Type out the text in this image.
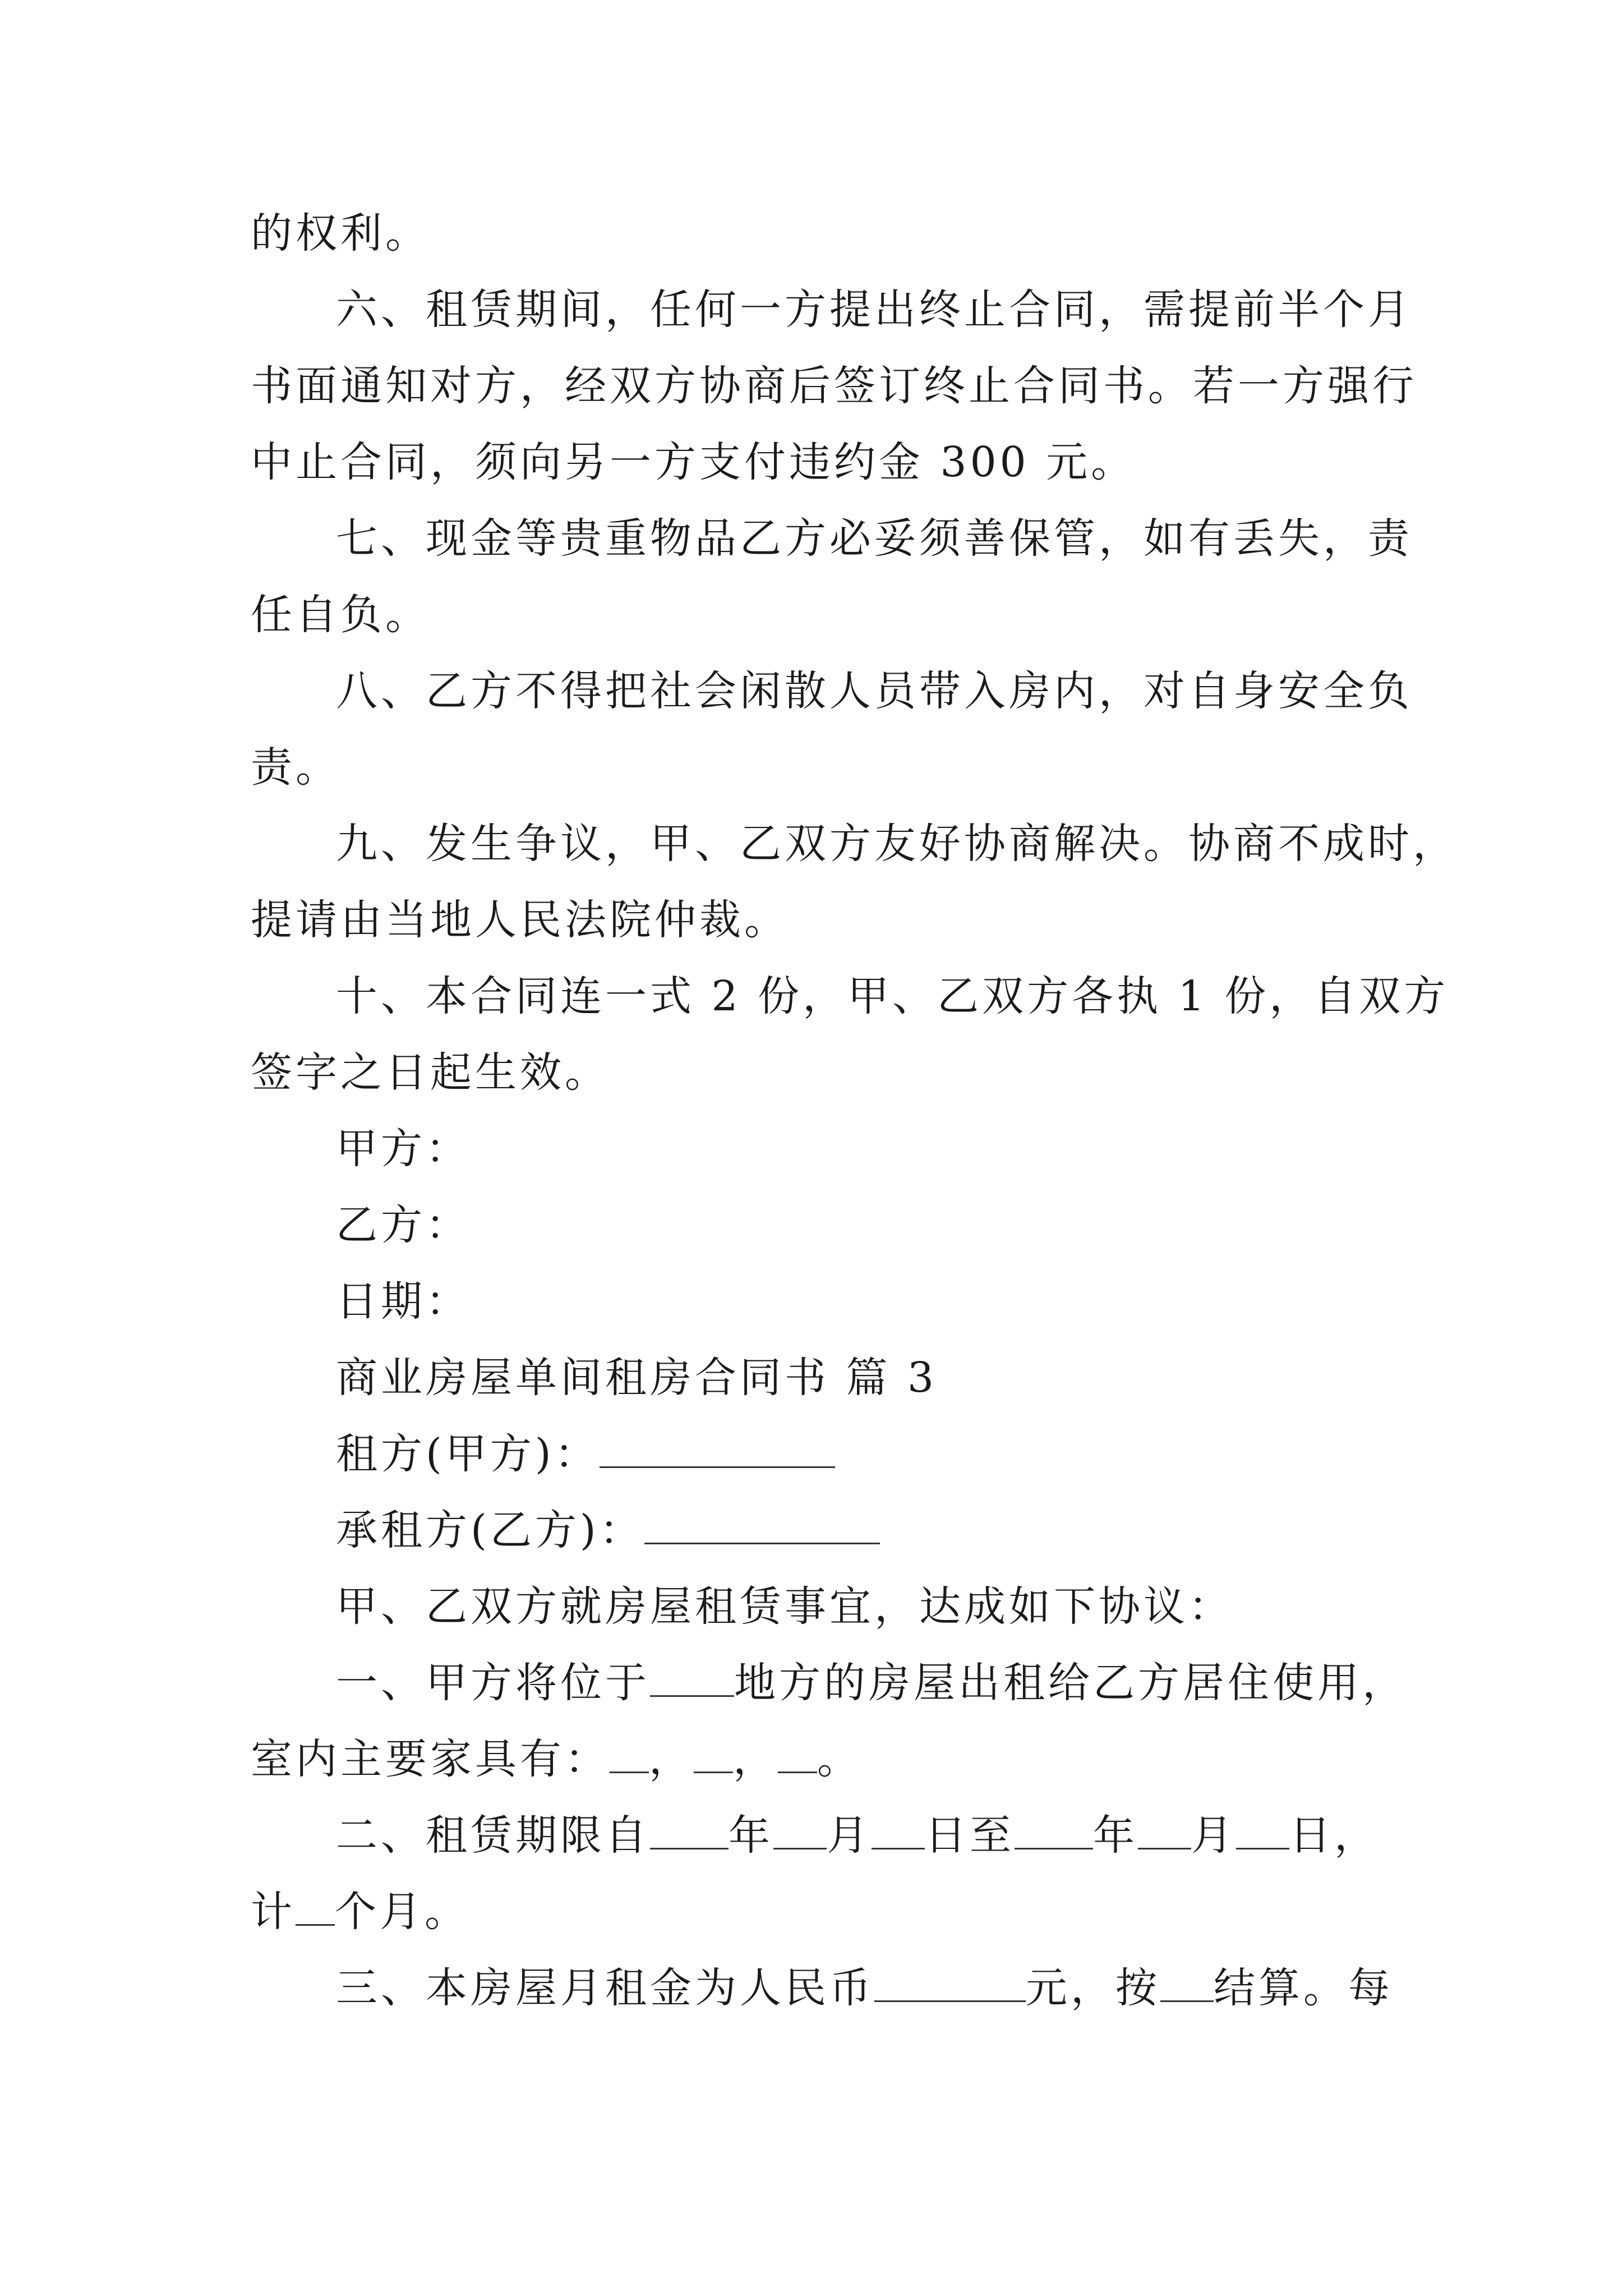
的权利。
六、租赁期间，任何一方提出终止合同，需提前半个月
书面通知对方，经双方协商后签订终止合同书。若一方强行
中止合同，须向另一方支付违约金 300 元。
七、现金等贵重物品乙方必妥须善保管，如有丢失，责
任自负。
八、乙方不得把社会闲散人员带入房内，对自身安全负
责。
九、发生争议，甲、乙双方友好协商解决。协商不成时，
提请由当地人民法院仲裁。
十、本合同连一式 2 份，甲、乙双方各执 1 份，自双方
签字之日起生效。
甲方：
乙方：
日期：
商业房屋单间租房合同书 篇 3
租方(甲方)：
承租方(乙方)：
甲、乙双方就房屋租赁事宜，达成如下协议：
一、甲方将位于 地方的房屋出租给乙方居住使用，
室内主要家具有： ， ， 。
二、租赁期限自 年 月 日至 年 月 日，
计 个月。
三、本房屋月租金为人民币	元，按 结算。每
